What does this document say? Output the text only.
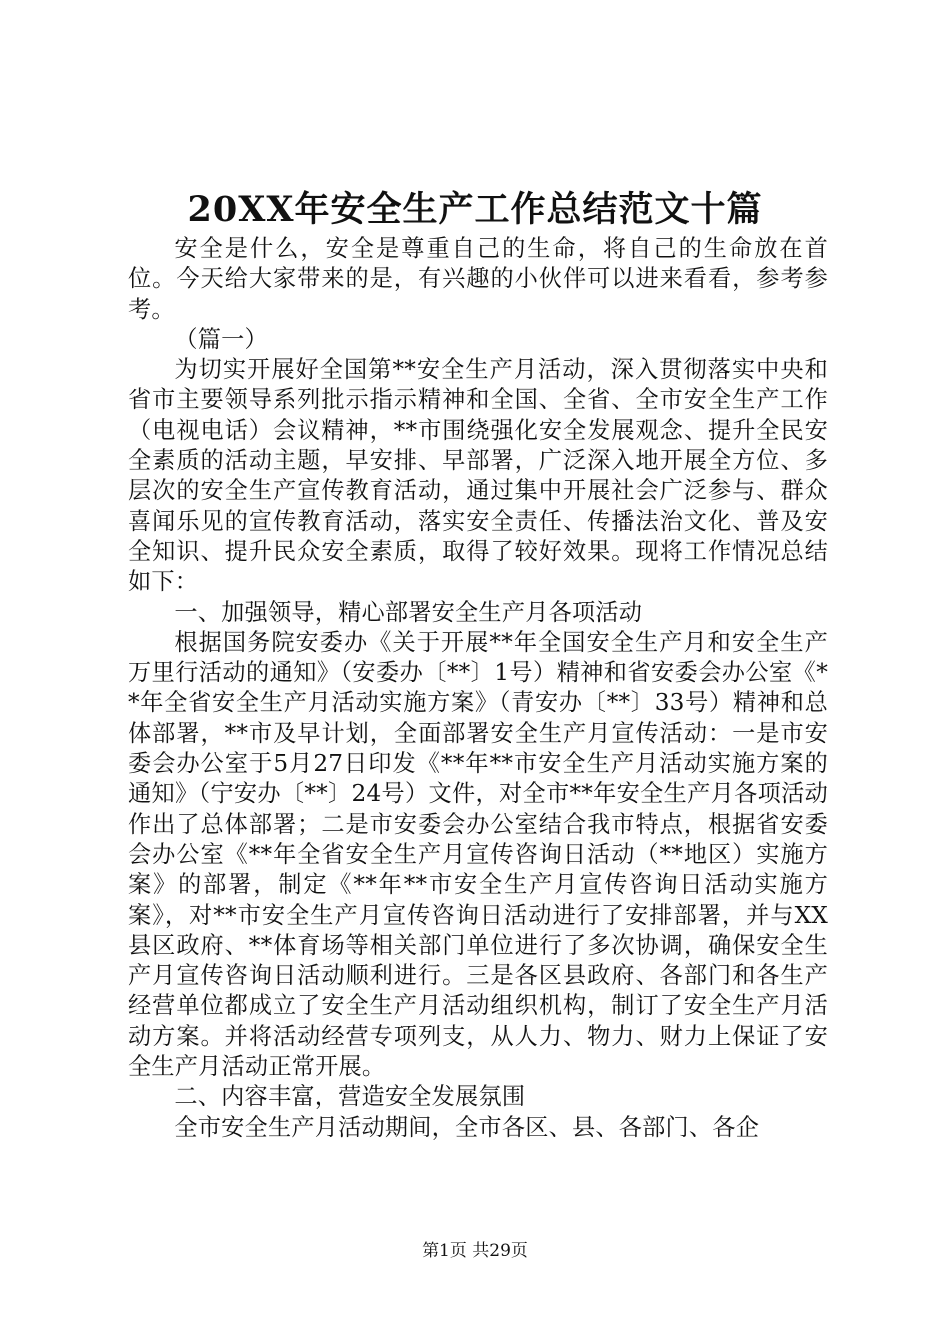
20XX年安全生产工作总结范文十篇

安全是什么，安全是尊重自己的生命，将自己的生命放在首位。今天给大家带来的是，有兴趣的小伙伴可以进来看看，参考参考。

（篇一）

为切实开展好全国第**安全生产月活动，深入贯彻落实中央和省市主要领导系列批示指示精神和全国、全省、全市安全生产工作（电视电话）会议精神，**市围绕强化安全发展观念、提升全民安全素质的活动主题，早安排、早部署，广泛深入地开展全方位、多层次的安全生产宣传教育活动，通过集中开展社会广泛参与、群众喜闻乐见的宣传教育活动，落实安全责任、传播法治文化、普及安全知识、提升民众安全素质，取得了较好效果。现将工作情况总结如下：

一、加强领导，精心部署安全生产月各项活动

根据国务院安委办《关于开展**年全国安全生产月和安全生产万里行活动的通知》（安委办〔**〕1号）精神和省安委会办公室《**年全省安全生产月活动实施方案》（青安办〔**〕33号）精神和总体部署，**市及早计划，全面部署安全生产月宣传活动：一是市安委会办公室于5月27日印发《**年**市安全生产月活动实施方案的通知》（宁安办〔**〕24号）文件，对全市**年安全生产月各项活动作出了总体部署；二是市安委会办公室结合我市特点，根据省安委会办公室《**年全省安全生产月宣传咨询日活动（**地区）实施方案》的部署，制定《**年**市安全生产月宣传咨询日活动实施方案》，对**市安全生产月宣传咨询日活动进行了安排部署，并与XX县区政府、**体育场等相关部门单位进行了多次协调，确保安全生产月宣传咨询日活动顺利进行。三是各区县政府、各部门和各生产经营单位都成立了安全生产月活动组织机构，制订了安全生产月活动方案。并将活动经营专项列支，从人力、物力、财力上保证了安全生产月活动正常开展。

二、内容丰富，营造安全发展氛围

全市安全生产月活动期间，全市各区、县、各部门、各企

第1页 共29页
